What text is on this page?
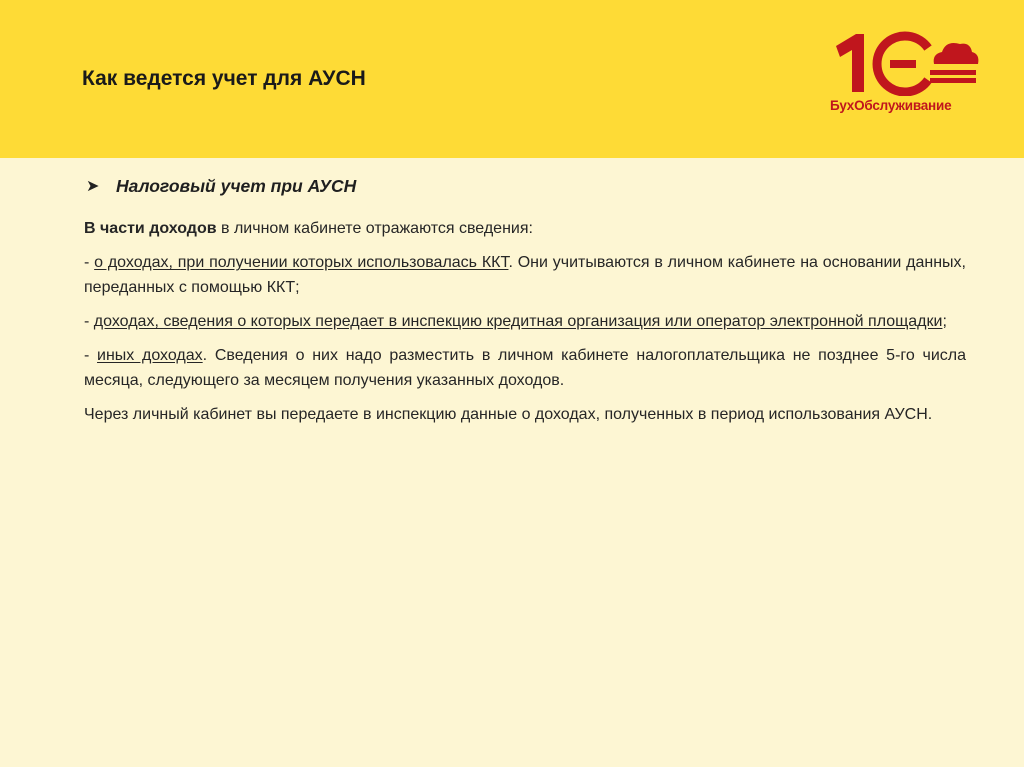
Как ведется учет для АУСН
БухОбслуживание
➤ Налоговый учет при АУСН

В части доходов в личном кабинете отражаются сведения:

- о доходах, при получении которых использовалась ККТ. Они учитываются в личном кабинете на основании данных, переданных с помощью ККТ;

- доходах, сведения о которых передает в инспекцию кредитная организация или оператор электронной площадки;

- иных доходах. Сведения о них надо разместить в личном кабинете налогоплательщика не позднее 5-го числа месяца, следующего за месяцем получения указанных доходов.

Через личный кабинет вы передаете в инспекцию данные о доходах, полученных в период использования АУСН.
